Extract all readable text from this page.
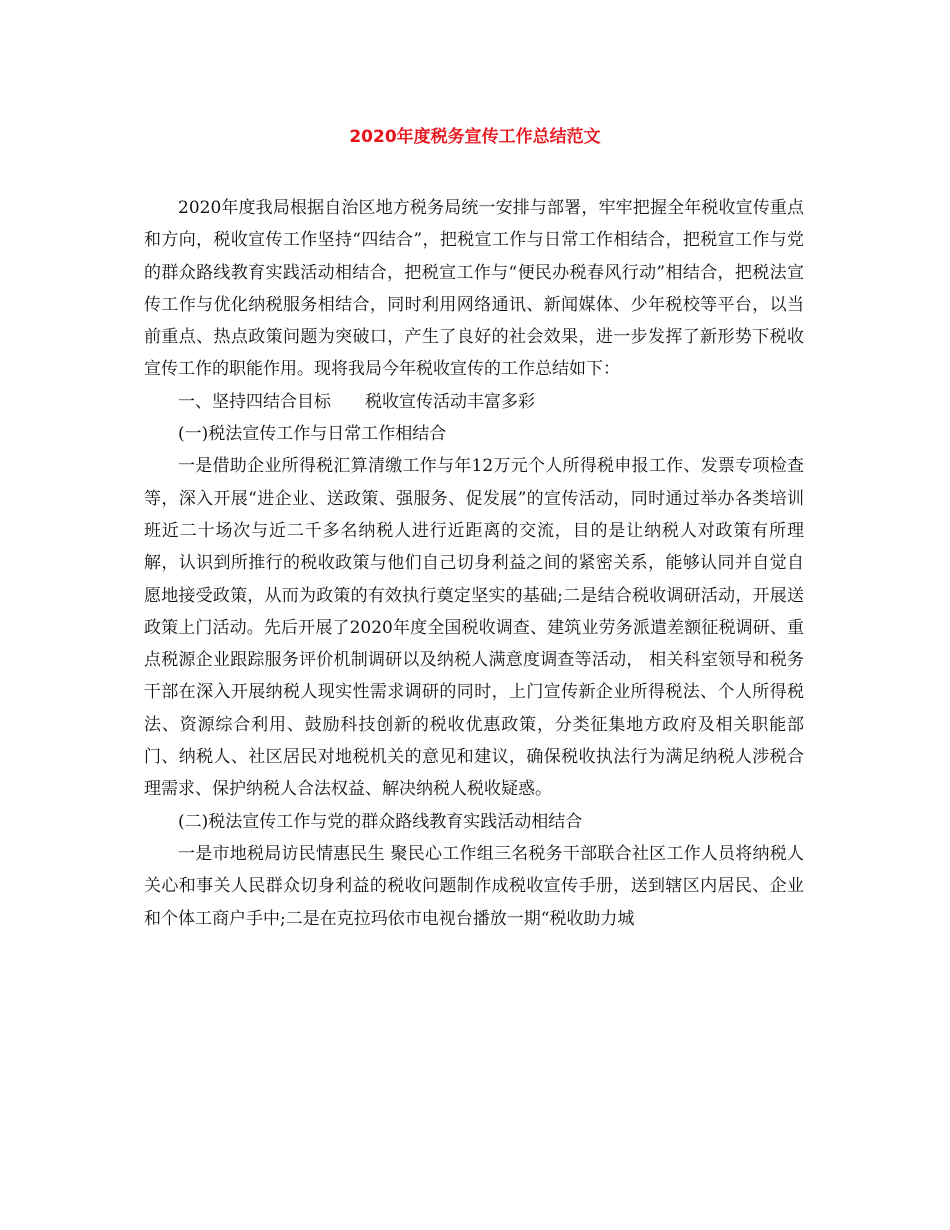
2020年度税务宣传工作总结范文

2020年度我局根据自治区地方税务局统一安排与部署，牢牢把握全年税收宣传重点和方向，税收宣传工作坚持“四结合”，把税宣工作与日常工作相结合，把税宣工作与党的群众路线教育实践活动相结合，把税宣工作与“便民办税春风行动”相结合，把税法宣传工作与优化纳税服务相结合，同时利用网络通讯、新闻媒体、少年税校等平台，以当前重点、热点政策问题为突破口，产生了良好的社会效果，进一步发挥了新形势下税收宣传工作的职能作用。现将我局今年税收宣传的工作总结如下：

一、坚持四结合目标 税收宣传活动丰富多彩

(一)税法宣传工作与日常工作相结合

一是借助企业所得税汇算清缴工作与年12万元个人所得税申报工作、发票专项检查等，深入开展“进企业、送政策、强服务、促发展”的宣传活动，同时通过举办各类培训班近二十场次与近二千多名纳税人进行近距离的交流，目的是让纳税人对政策有所理解，认识到所推行的税收政策与他们自己切身利益之间的紧密关系，能够认同并自觉自愿地接受政策，从而为政策的有效执行奠定坚实的基础;二是结合税收调研活动，开展送政策上门活动。先后开展了2020年度全国税收调查、建筑业劳务派遣差额征税调研、重点税源企业跟踪服务评价机制调研以及纳税人满意度调查等活动， 相关科室领导和税务干部在深入开展纳税人现实性需求调研的同时，上门宣传新企业所得税法、个人所得税法、资源综合利用、鼓励科技创新的税收优惠政策，分类征集地方政府及相关职能部门、纳税人、社区居民对地税机关的意见和建议，确保税收执法行为满足纳税人涉税合理需求、保护纳税人合法权益、解决纳税人税收疑惑。

(二)税法宣传工作与党的群众路线教育实践活动相结合

一是市地税局访民情惠民生 聚民心工作组三名税务干部联合社区工作人员将纳税人关心和事关人民群众切身利益的税收问题制作成税收宣传手册，送到辖区内居民、企业和个体工商户手中;二是在克拉玛依市电视台播放一期“税收助力城
